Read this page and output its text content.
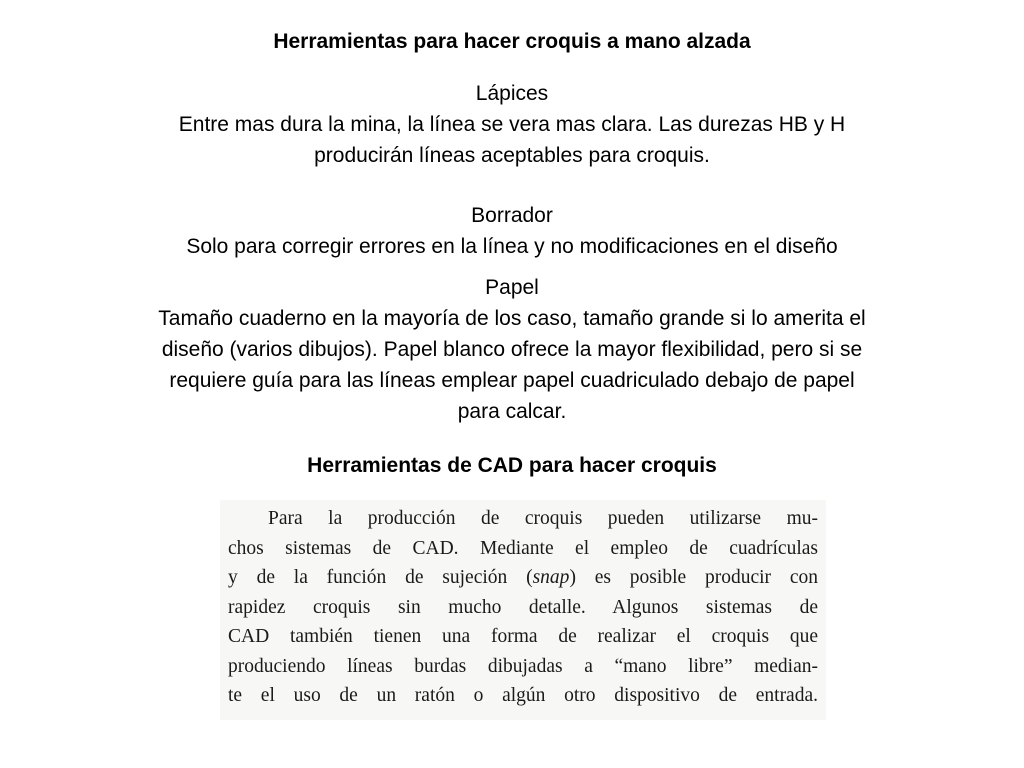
Herramientas para hacer croquis a mano alzada
Lápices
Entre mas dura la mina, la línea se vera mas clara. Las durezas HB y H
producirán líneas aceptables para croquis.
Borrador
Solo para corregir errores en la línea y no modificaciones en el diseño
Papel
Tamaño cuaderno en la mayoría de los caso, tamaño grande si lo amerita el
diseño (varios dibujos). Papel blanco ofrece la mayor flexibilidad, pero si se
requiere guía para las líneas emplear papel cuadriculado debajo de papel
para calcar.
Herramientas de CAD para hacer croquis
Para la producción de croquis pueden utilizarse mu-
chos sistemas de CAD. Mediante el empleo de cuadrículas
y de la función de sujeción (snap) es posible producir con
rapidez croquis sin mucho detalle. Algunos sistemas de
CAD también tienen una forma de realizar el croquis que
produciendo líneas burdas dibujadas a “mano libre” median-
te el uso de un ratón o algún otro dispositivo de entrada.
